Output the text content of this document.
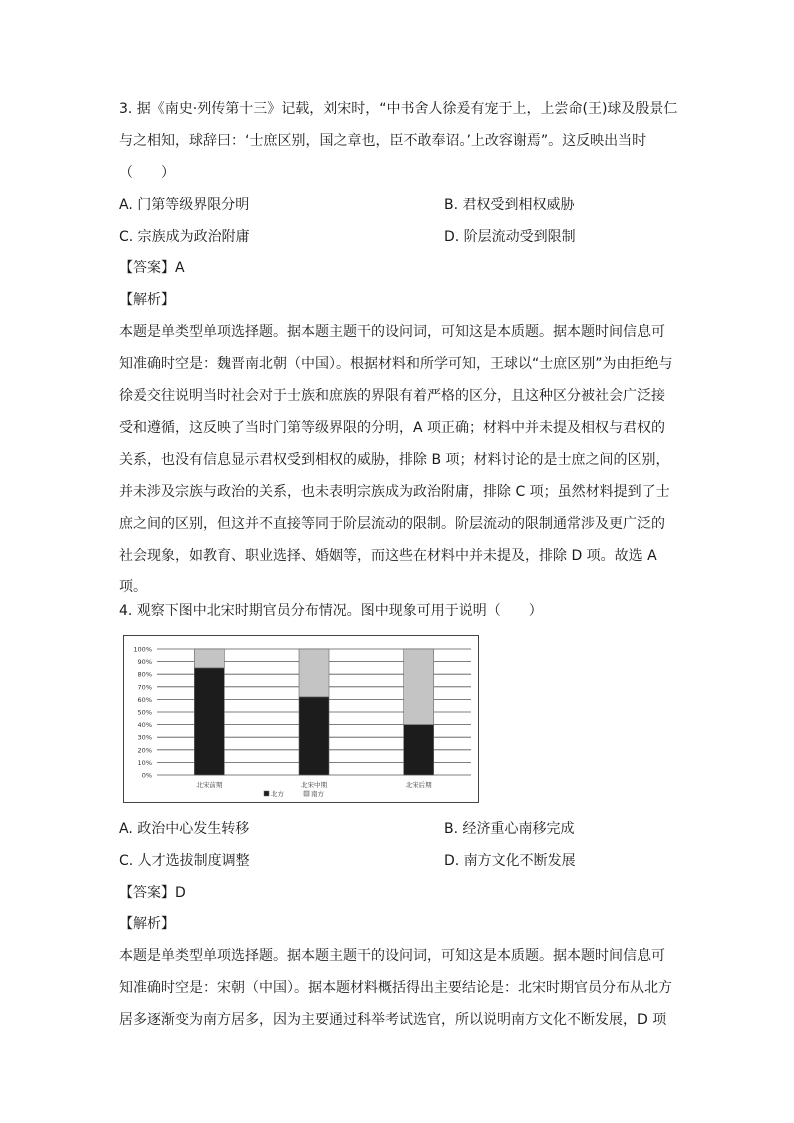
3. 据《南史·列传第十三》记载，刘宋时，“中书舍人徐爰有宠于上，上尝命(王)球及殷景仁
与之相知，球辞曰：‘士庶区别，国之章也，臣不敢奉诏。’上改容谢焉”。这反映出当时
（　　）
A. 门第等级界限分明	B. 君权受到相权威胁
C. 宗族成为政治附庸	D. 阶层流动受到限制
【答案】A
【解析】
本题是单类型单项选择题。据本题主题干的设问词，可知这是本质题。据本题时间信息可
知准确时空是：魏晋南北朝（中国）。根据材料和所学可知，王球以“士庶区别”为由拒绝与
徐爰交往说明当时社会对于士族和庶族的界限有着严格的区分，且这种区分被社会广泛接
受和遵循，这反映了当时门第等级界限的分明，A 项正确；材料中并未提及相权与君权的
关系，也没有信息显示君权受到相权的威胁，排除 B 项；材料讨论的是士庶之间的区别，
并未涉及宗族与政治的关系，也未表明宗族成为政治附庸，排除 C 项；虽然材料提到了士
庶之间的区别，但这并不直接等同于阶层流动的限制。阶层流动的限制通常涉及更广泛的
社会现象，如教育、职业选择、婚姻等，而这些在材料中并未提及，排除 D 项。故选 A
项。
4. 观察下图中北宋时期官员分布情况。图中现象可用于说明（　　）
0%
10%
20%
30%
40%
50%
60%
70%
80%
90%
100%
北宋前期	北宋中期	北宋后期
北方	南方
A. 政治中心发生转移	B. 经济重心南移完成
C. 人才选拔制度调整	D. 南方文化不断发展
【答案】D
【解析】
本题是单类型单项选择题。据本题主题干的设问词，可知这是本质题。据本题时间信息可
知准确时空是：宋朝（中国）。据本题材料概括得出主要结论是：北宋时期官员分布从北方
居多逐渐变为南方居多，因为主要通过科举考试选官，所以说明南方文化不断发展，D 项
